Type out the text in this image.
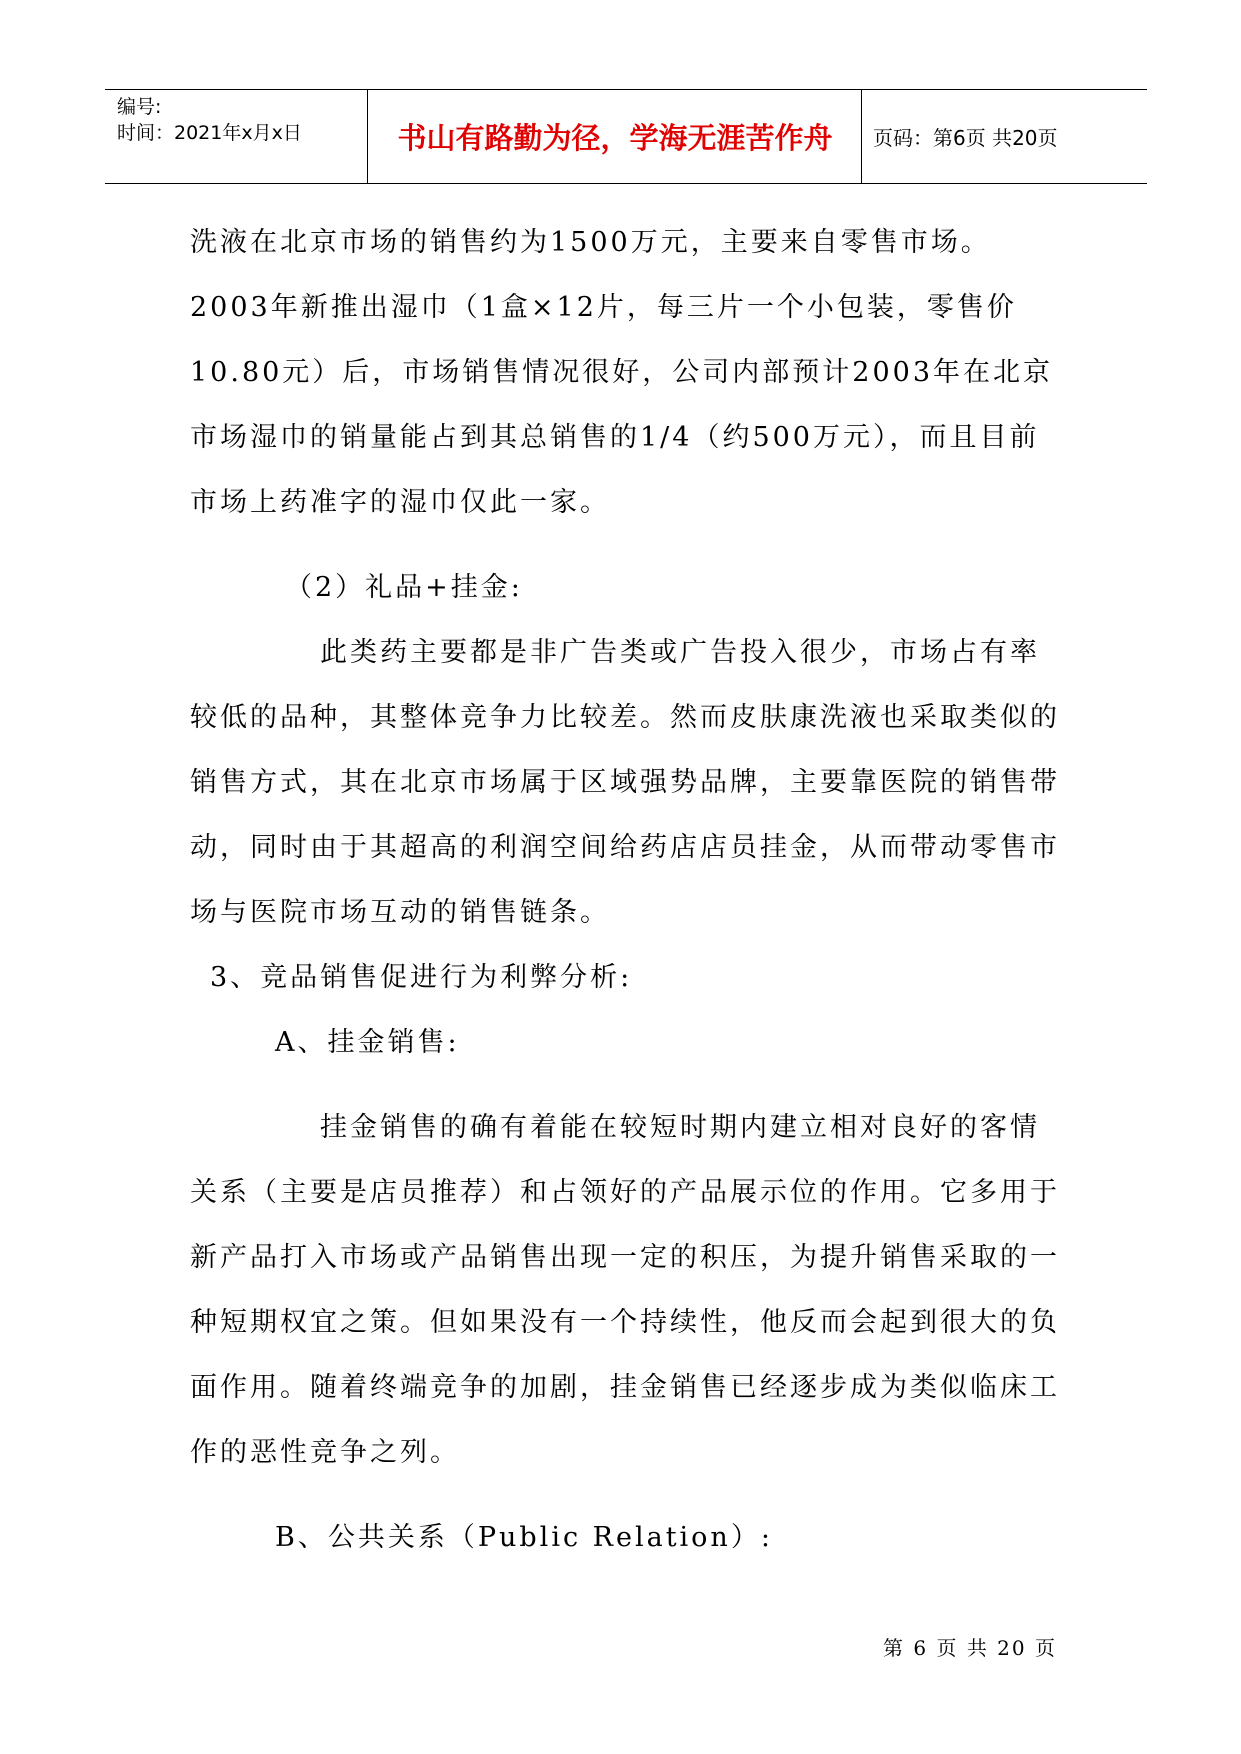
编号:
时间：2021年x月x日	书山有路勤为径，学海无涯苦作舟	页码：第6页 共20页

洗液在北京市场的销售约为1500万元，主要来自零售市场。2003年新推出湿巾（1盒×12片，每三片一个小包装，零售价10.80元）后，市场销售情况很好，公司内部预计2003年在北京市场湿巾的销量能占到其总销售的1/4（约500万元），而且目前市场上药准字的湿巾仅此一家。

（2）礼品+挂金:

此类药主要都是非广告类或广告投入很少，市场占有率较低的品种，其整体竞争力比较差。然而皮肤康洗液也采取类似的销售方式，其在北京市场属于区域强势品牌，主要靠医院的销售带动，同时由于其超高的利润空间给药店店员挂金，从而带动零售市场与医院市场互动的销售链条。

3、竞品销售促进行为利弊分析:

A、挂金销售:

挂金销售的确有着能在较短时期内建立相对良好的客情关系（主要是店员推荐）和占领好的产品展示位的作用。它多用于新产品打入市场或产品销售出现一定的积压，为提升销售采取的一种短期权宜之策。但如果没有一个持续性，他反而会起到很大的负面作用。随着终端竞争的加剧，挂金销售已经逐步成为类似临床工作的恶性竞争之列。

B、公共关系（Public Relation）:

第 6 页 共 20 页
